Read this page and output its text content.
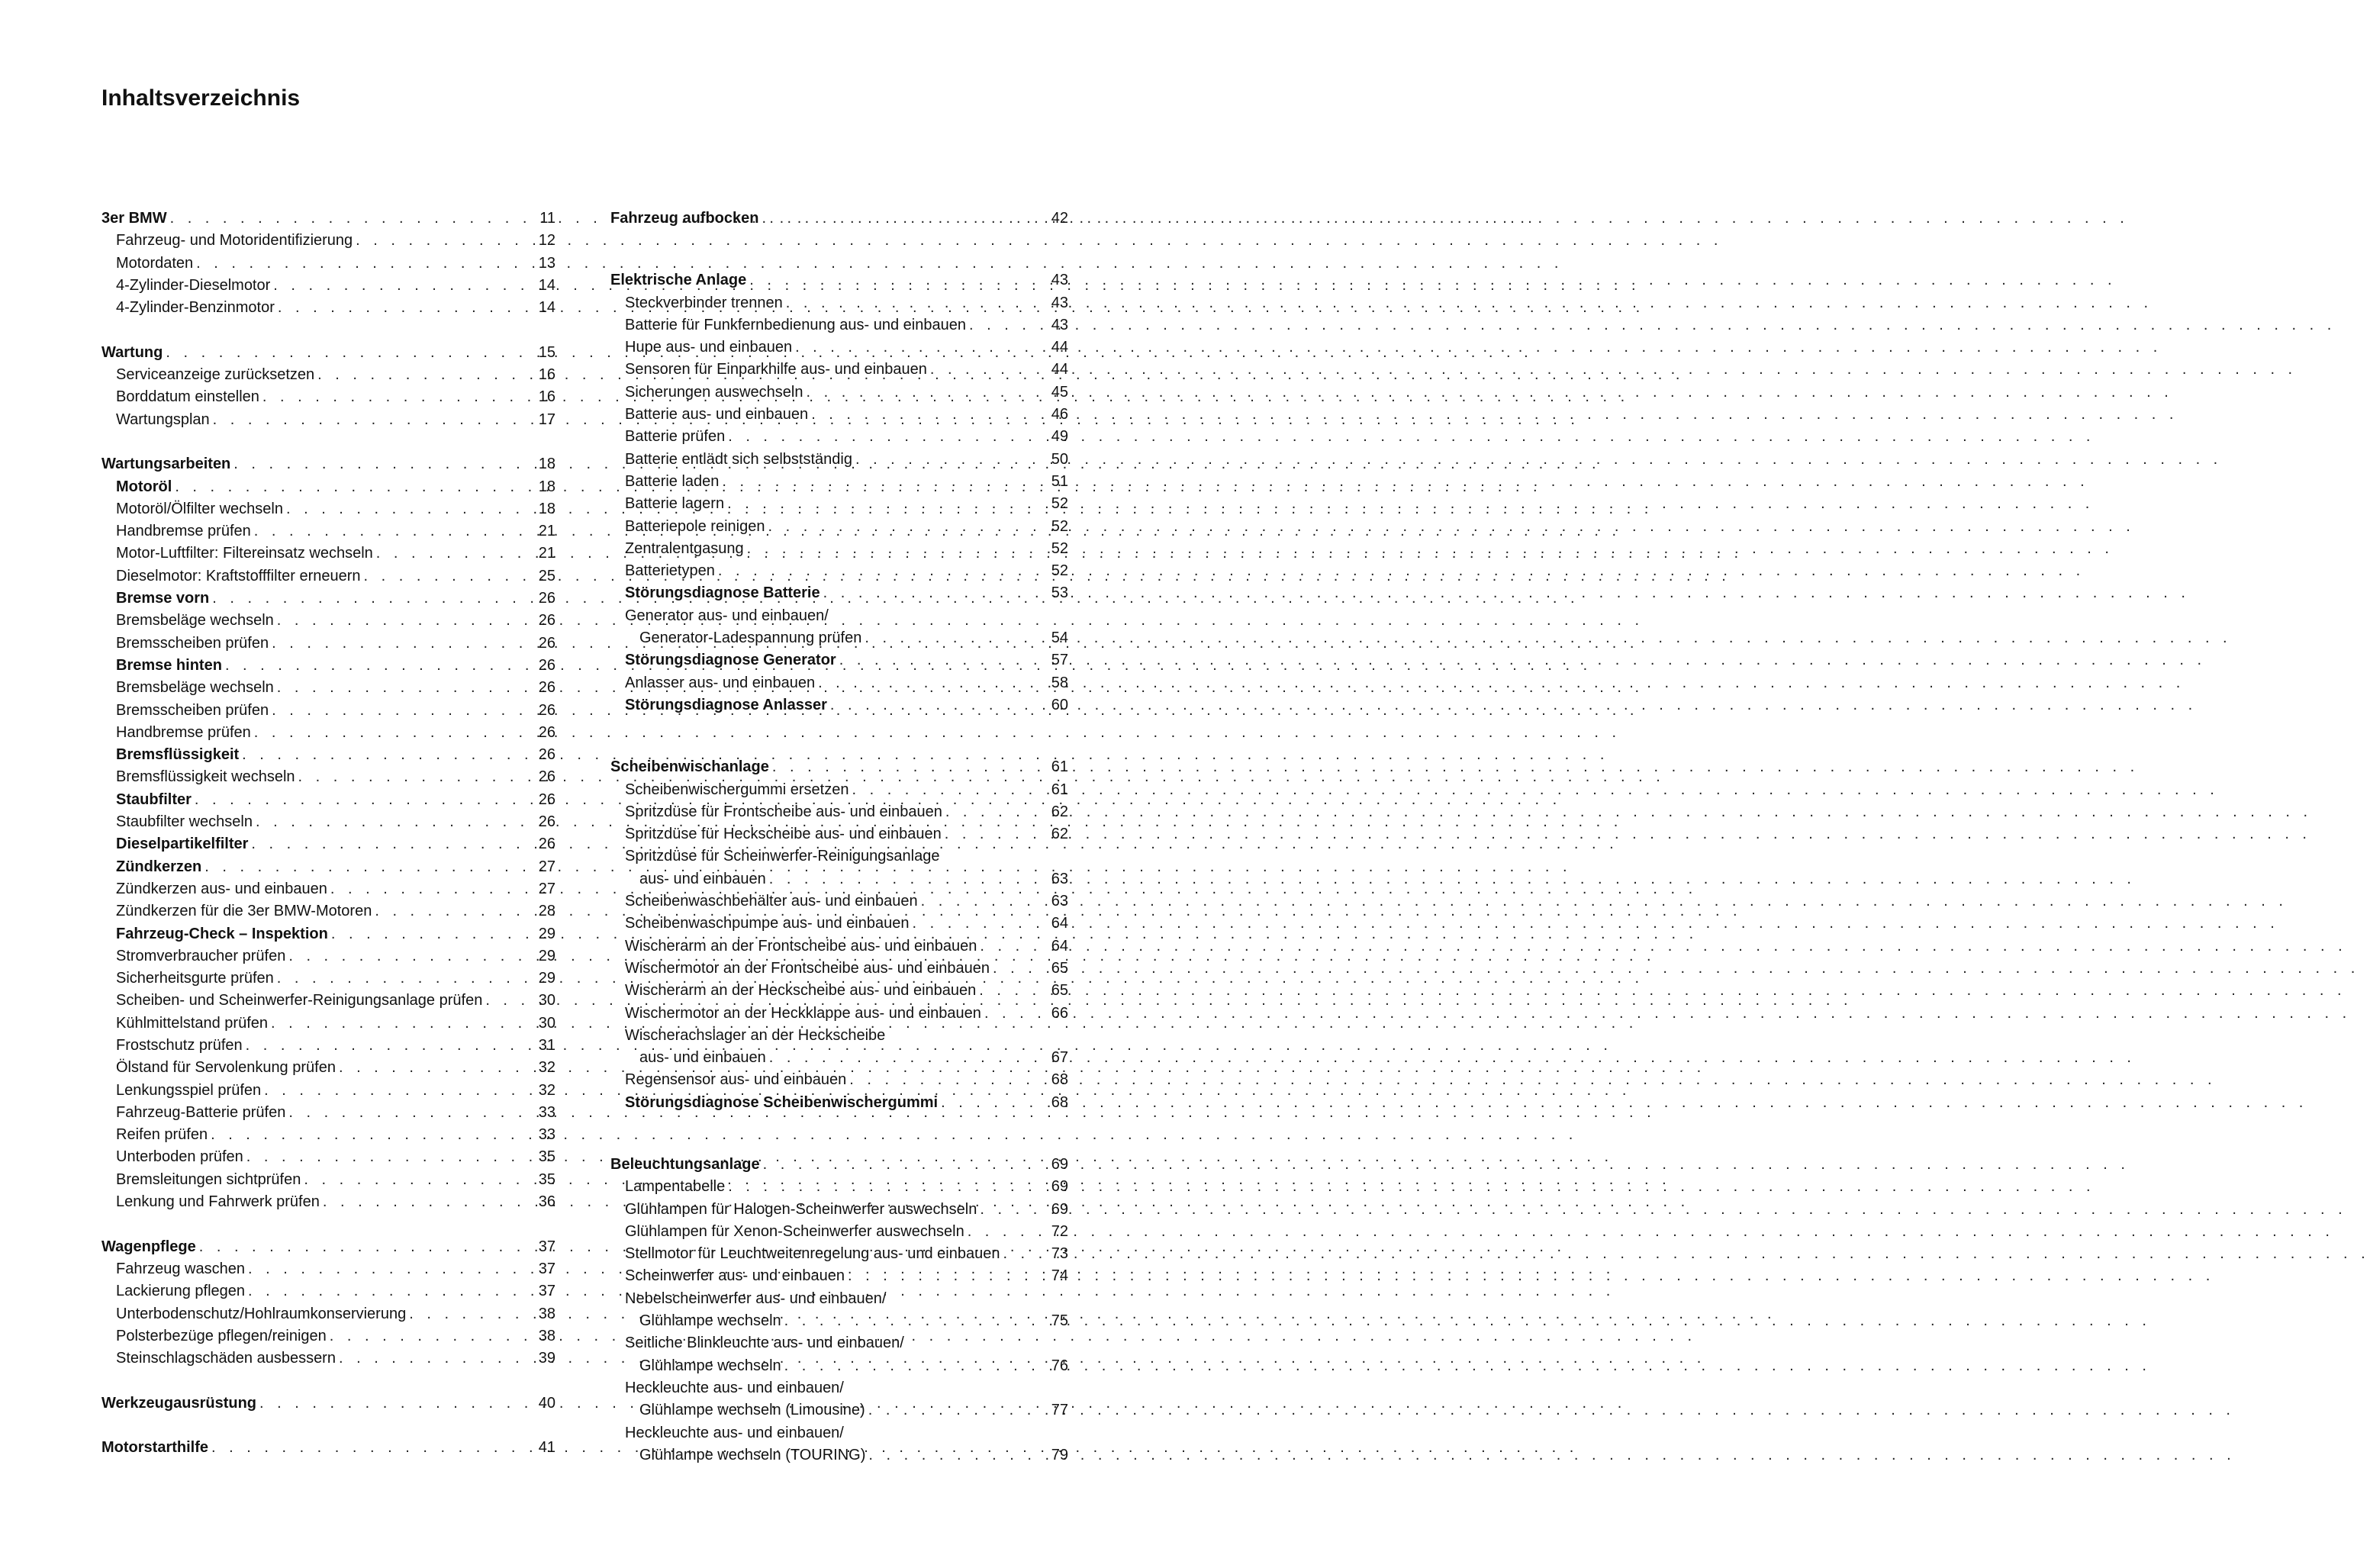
Inhaltsverzeichnis
3er BMW . . .	11
Fahrzeug- und Motoridentifizierung . . .	12
Motordaten . . .	13
4-Zylinder-Dieselmotor . . .	14
4-Zylinder-Benzinmotor . . .	14
Wartung . . .	15
Serviceanzeige zurücksetzen . . .	16
Borddatum einstellen . . .	16
Wartungsplan . . .	17
Wartungsarbeiten . . .	18
Motoröl . . .	18
Motoröl/Ölfilter wechseln . . .	18
Handbremse prüfen . . .	21
Motor-Luftfilter: Filtereinsatz wechseln . . .	21
Dieselmotor: Kraftstofffilter erneuern . . .	25
Bremse vorn . . .	26
Bremsbeläge wechseln . . .	26
Bremsscheiben prüfen . . .	26
Bremse hinten . . .	26
Bremsbeläge wechseln . . .	26
Bremsscheiben prüfen . . .	26
Handbremse prüfen . . .	26
Bremsflüssigkeit . . .	26
Bremsflüssigkeit wechseln . . .	26
Staubfilter . . .	26
Staubfilter wechseln . . .	26
Dieselpartikelfilter . . .	26
Zündkerzen . . .	27
Zündkerzen aus- und einbauen . . .	27
Zündkerzen für die 3er BMW-Motoren . . .	28
Fahrzeug-Check – Inspektion . . .	29
Stromverbraucher prüfen . . .	29
Sicherheitsgurte prüfen . . .	29
Scheiben- und Scheinwerfer-Reinigungsanlage prüfen . . .	30
Kühlmittelstand prüfen . . .	30
Frostschutz prüfen . . .	31
Ölstand für Servolenkung prüfen . . .	32
Lenkungsspiel prüfen . . .	32
Fahrzeug-Batterie prüfen . . .	33
Reifen prüfen . . .	33
Unterboden prüfen . . .	35
Bremsleitungen sichtprüfen . . .	35
Lenkung und Fahrwerk prüfen . . .	36
Wagenpflege . . .	37
Fahrzeug waschen . . .	37
Lackierung pflegen . . .	37
Unterbodenschutz/Hohlraumkonservierung . . .	38
Polsterbezüge pflegen/reinigen . . .	38
Steinschlagschäden ausbessern . . .	39
Werkzeugausrüstung . . .	40
Motorstarthilfe . . .	41
Fahrzeug aufbocken . . .	42
Elektrische Anlage . . .	43
Steckverbinder trennen . . .	43
Batterie für Funkfernbedienung aus- und einbauen . . .	43
Hupe aus- und einbauen . . .	44
Sensoren für Einparkhilfe aus- und einbauen . . .	44
Sicherungen auswechseln . . .	45
Batterie aus- und einbauen . . .	46
Batterie prüfen . . .	49
Batterie entlädt sich selbstständig . . .	50
Batterie laden . . .	51
Batterie lagern . . .	52
Batteriepole reinigen . . .	52
Zentralentgasung . . .	52
Batterietypen . . .	52
Störungsdiagnose Batterie . . .	53
Generator aus- und einbauen/
Generator-Ladespannung prüfen . . .	54
Störungsdiagnose Generator . . .	57
Anlasser aus- und einbauen . . .	58
Störungsdiagnose Anlasser . . .	60
Scheibenwischanlage . . .	61
Scheibenwischergummi ersetzen . . .	61
Spritzdüse für Frontscheibe aus- und einbauen . . .	62
Spritzdüse für Heckscheibe aus- und einbauen . . .	62
Spritzdüse für Scheinwerfer-Reinigungsanlage
aus- und einbauen . . .	63
Scheibenwaschbehälter aus- und einbauen . . .	63
Scheibenwaschpumpe aus- und einbauen . . .	64
Wischerarm an der Frontscheibe aus- und einbauen . . .	64
Wischermotor an der Frontscheibe aus- und einbauen . . .	65
Wischerarm an der Heckscheibe aus- und einbauen . . .	65
Wischermotor an der Heckklappe aus- und einbauen . . .	66
Wischerachslager an der Heckscheibe
aus- und einbauen . . .	67
Regensensor aus- und einbauen . . .	68
Störungsdiagnose Scheibenwischergummi . . .	68
Beleuchtungsanlage . . .	69
Lampentabelle . . .	69
Glühlampen für Halogen-Scheinwerfer auswechseln . . .	69
Glühlampen für Xenon-Scheinwerfer auswechseln . . .	72
Stellmotor für Leuchtweitenregelung aus- und einbauen . . .	73
Scheinwerfer aus- und einbauen . . .	74
Nebelscheinwerfer aus- und einbauen/
Glühlampe wechseln . . .	75
Seitliche Blinkleuchte aus- und einbauen/
Glühlampe wechseln . . .	76
Heckleuchte aus- und einbauen/
Glühlampe wechseln (Limousine) . . .	77
Heckleuchte aus- und einbauen/
Glühlampe wechseln (TOURING) . . .	79
